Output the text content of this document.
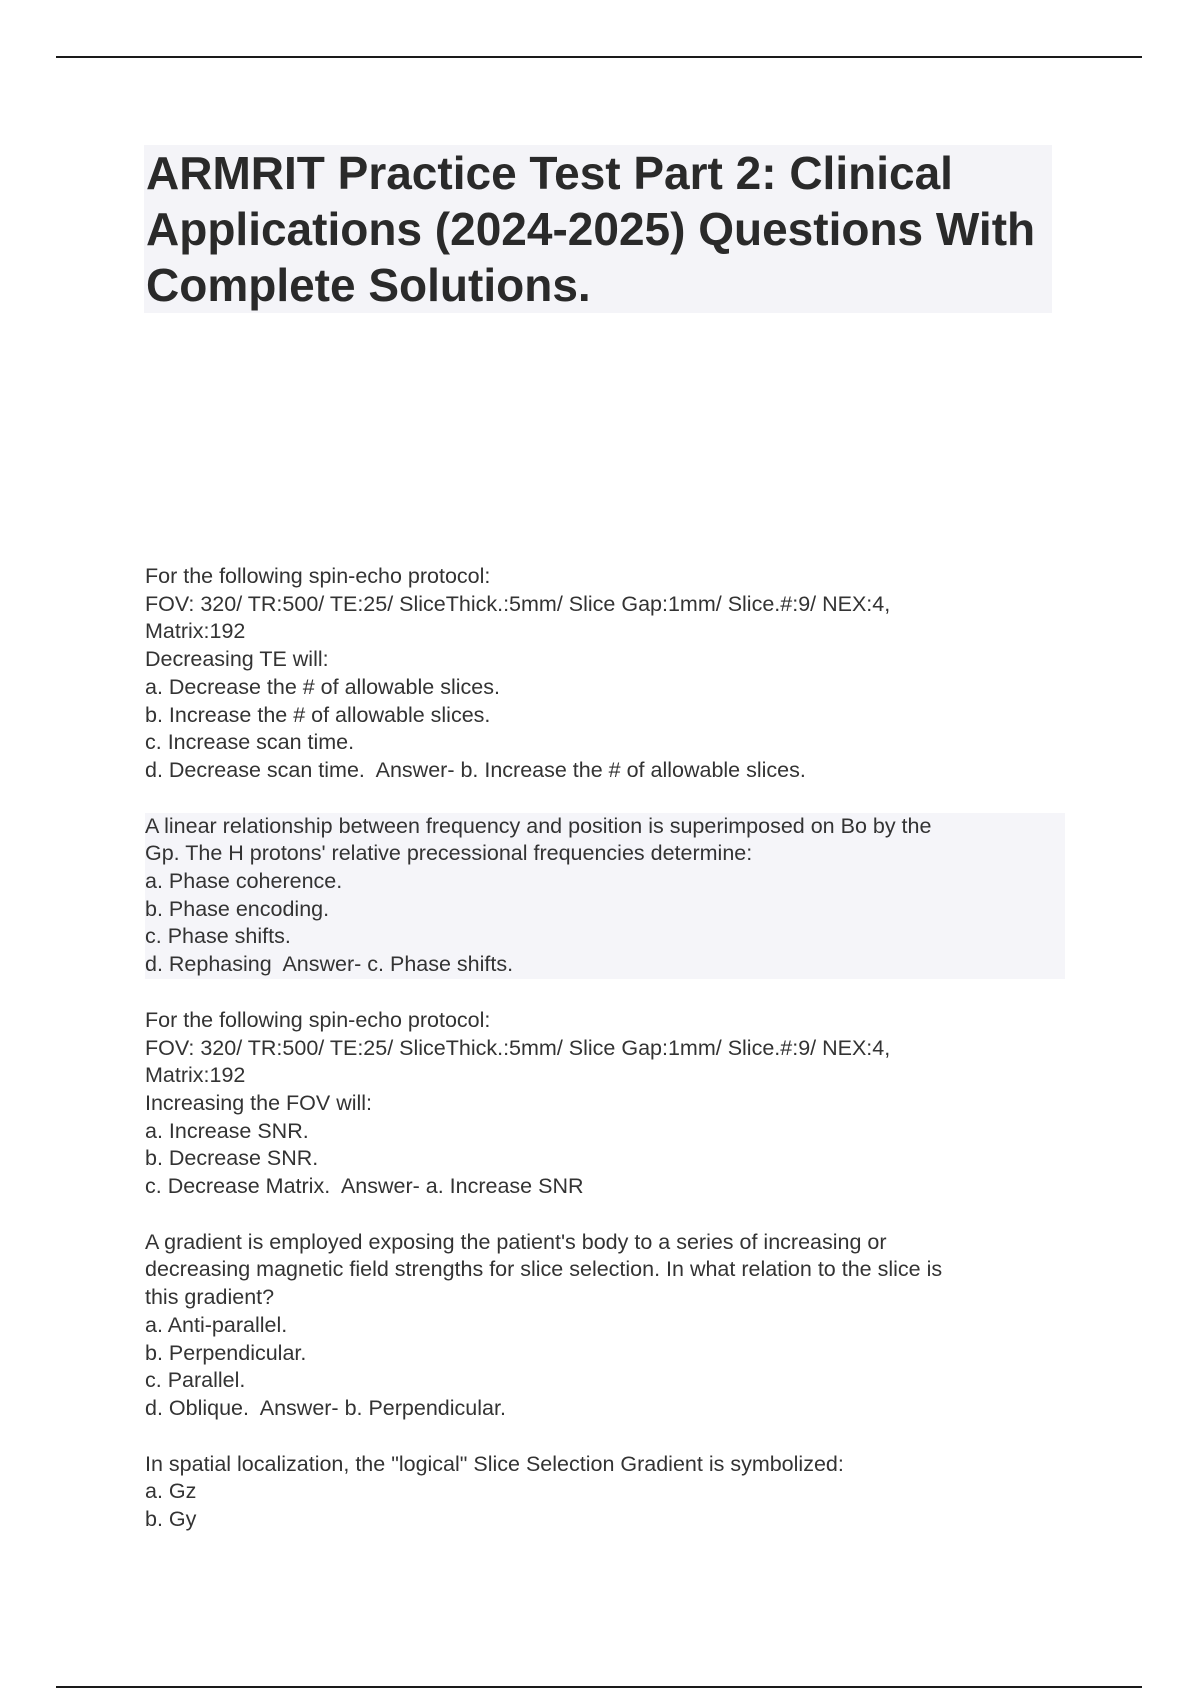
ARMRIT Practice Test Part 2: Clinical Applications (2024-2025) Questions With Complete Solutions.
For the following spin-echo protocol:
FOV: 320/ TR:500/ TE:25/ SliceThick.:5mm/ Slice Gap:1mm/ Slice.#:9/ NEX:4,
Matrix:192
Decreasing TE will:
a. Decrease the # of allowable slices.
b. Increase the # of allowable slices.
c. Increase scan time.
d. Decrease scan time.  Answer- b. Increase the # of allowable slices.
A linear relationship between frequency and position is superimposed on Bo by the
Gp. The H protons' relative precessional frequencies determine:
a. Phase coherence.
b. Phase encoding.
c. Phase shifts.
d. Rephasing  Answer- c. Phase shifts.
For the following spin-echo protocol:
FOV: 320/ TR:500/ TE:25/ SliceThick.:5mm/ Slice Gap:1mm/ Slice.#:9/ NEX:4,
Matrix:192
Increasing the FOV will:
a. Increase SNR.
b. Decrease SNR.
c. Decrease Matrix.  Answer- a. Increase SNR
A gradient is employed exposing the patient's body to a series of increasing or
decreasing magnetic field strengths for slice selection. In what relation to the slice is
this gradient?
a. Anti-parallel.
b. Perpendicular.
c. Parallel.
d. Oblique.  Answer- b. Perpendicular.
In spatial localization, the "logical" Slice Selection Gradient is symbolized:
a. Gz
b. Gy
